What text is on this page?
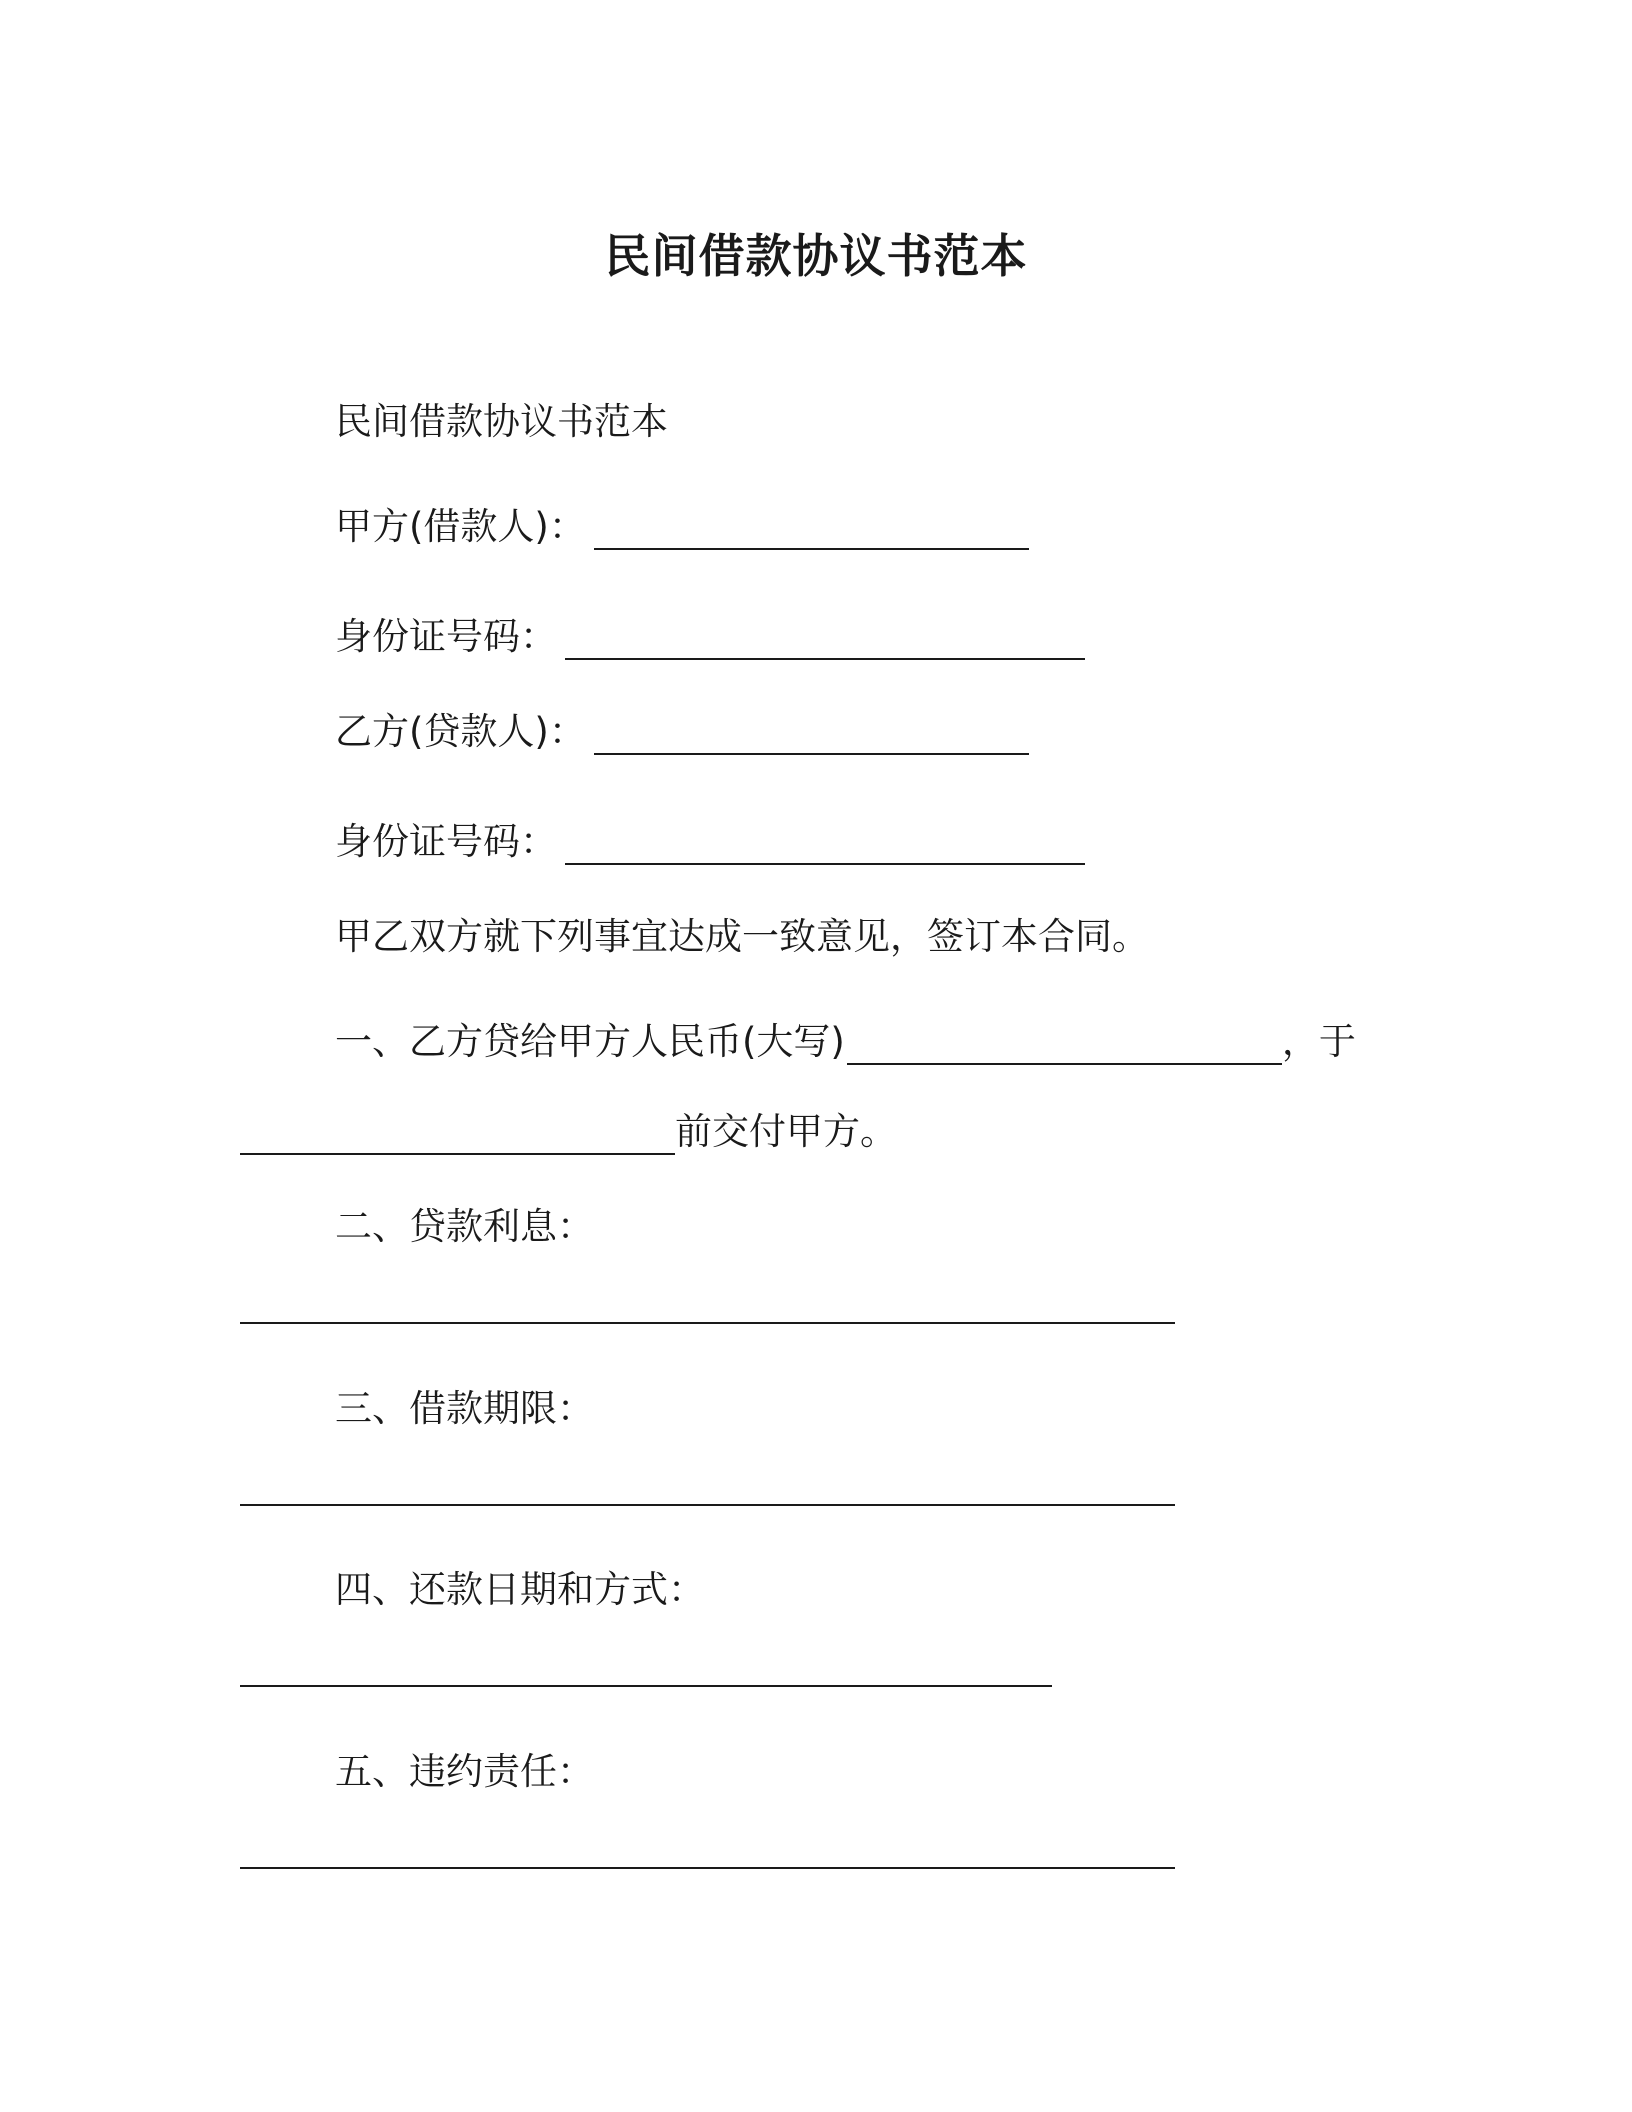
民间借款协议书范本
民间借款协议书范本
甲方(借款人)：
身份证号码：
乙方(贷款人)：
身份证号码：
甲乙双方就下列事宜达成一致意见，签订本合同。
一、乙方贷给甲方人民币(大写)	，于
前交付甲方。
二、贷款利息：
三、借款期限：
四、还款日期和方式：
五、违约责任：
